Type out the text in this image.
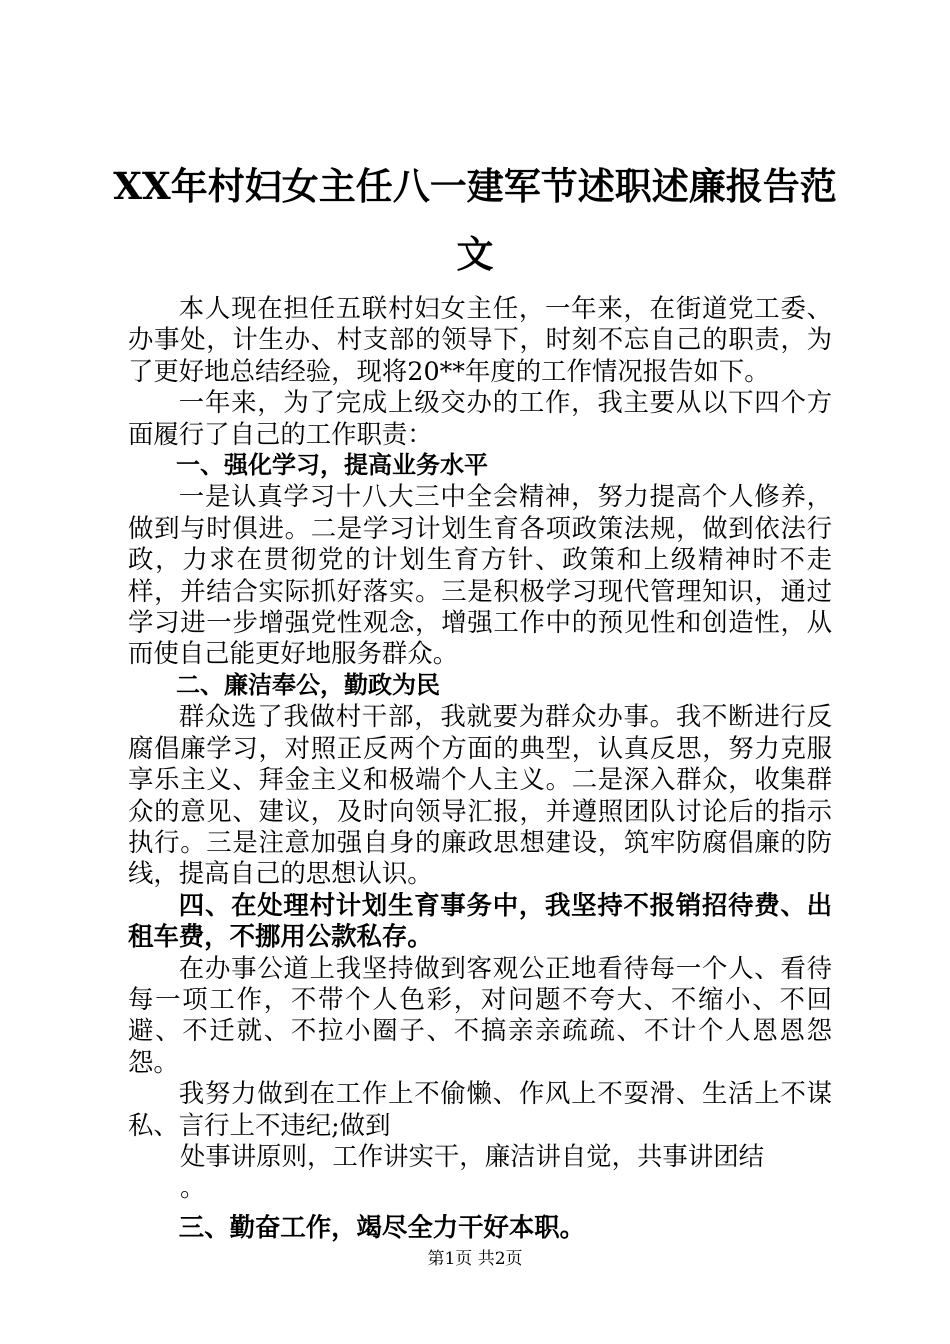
XX年村妇女主任八一建军节述职述廉报告范文

本人现在担任五联村妇女主任，一年来，在街道党工委、办事处，计生办、村支部的领导下，时刻不忘自己的职责，为了更好地总结经验，现将20**年度的工作情况报告如下。

一年来，为了完成上级交办的工作，我主要从以下四个方面履行了自己的工作职责：

一、强化学习，提高业务水平

一是认真学习十八大三中全会精神，努力提高个人修养，做到与时俱进。二是学习计划生育各项政策法规，做到依法行政，力求在贯彻党的计划生育方针、政策和上级精神时不走样，并结合实际抓好落实。三是积极学习现代管理知识，通过学习进一步增强党性观念，增强工作中的预见性和创造性，从而使自己能更好地服务群众。

二、廉洁奉公，勤政为民

群众选了我做村干部，我就要为群众办事。我不断进行反腐倡廉学习，对照正反两个方面的典型，认真反思，努力克服享乐主义、拜金主义和极端个人主义。二是深入群众，收集群众的意见、建议，及时向领导汇报，并遵照团队讨论后的指示执行。三是注意加强自身的廉政思想建设，筑牢防腐倡廉的防线，提高自己的思想认识。

四、在处理村计划生育事务中，我坚持不报销招待费、出租车费，不挪用公款私存。

在办事公道上我坚持做到客观公正地看待每一个人、看待每一项工作，不带个人色彩，对问题不夸大、不缩小、不回避、不迁就、不拉小圈子、不搞亲亲疏疏、不计个人恩恩怨怨。

我努力做到在工作上不偷懒、作风上不耍滑、生活上不谋私、言行上不违纪;做到

处事讲原则，工作讲实干，廉洁讲自觉，共事讲团结

。

三、勤奋工作，竭尽全力干好本职。

第1页 共2页
